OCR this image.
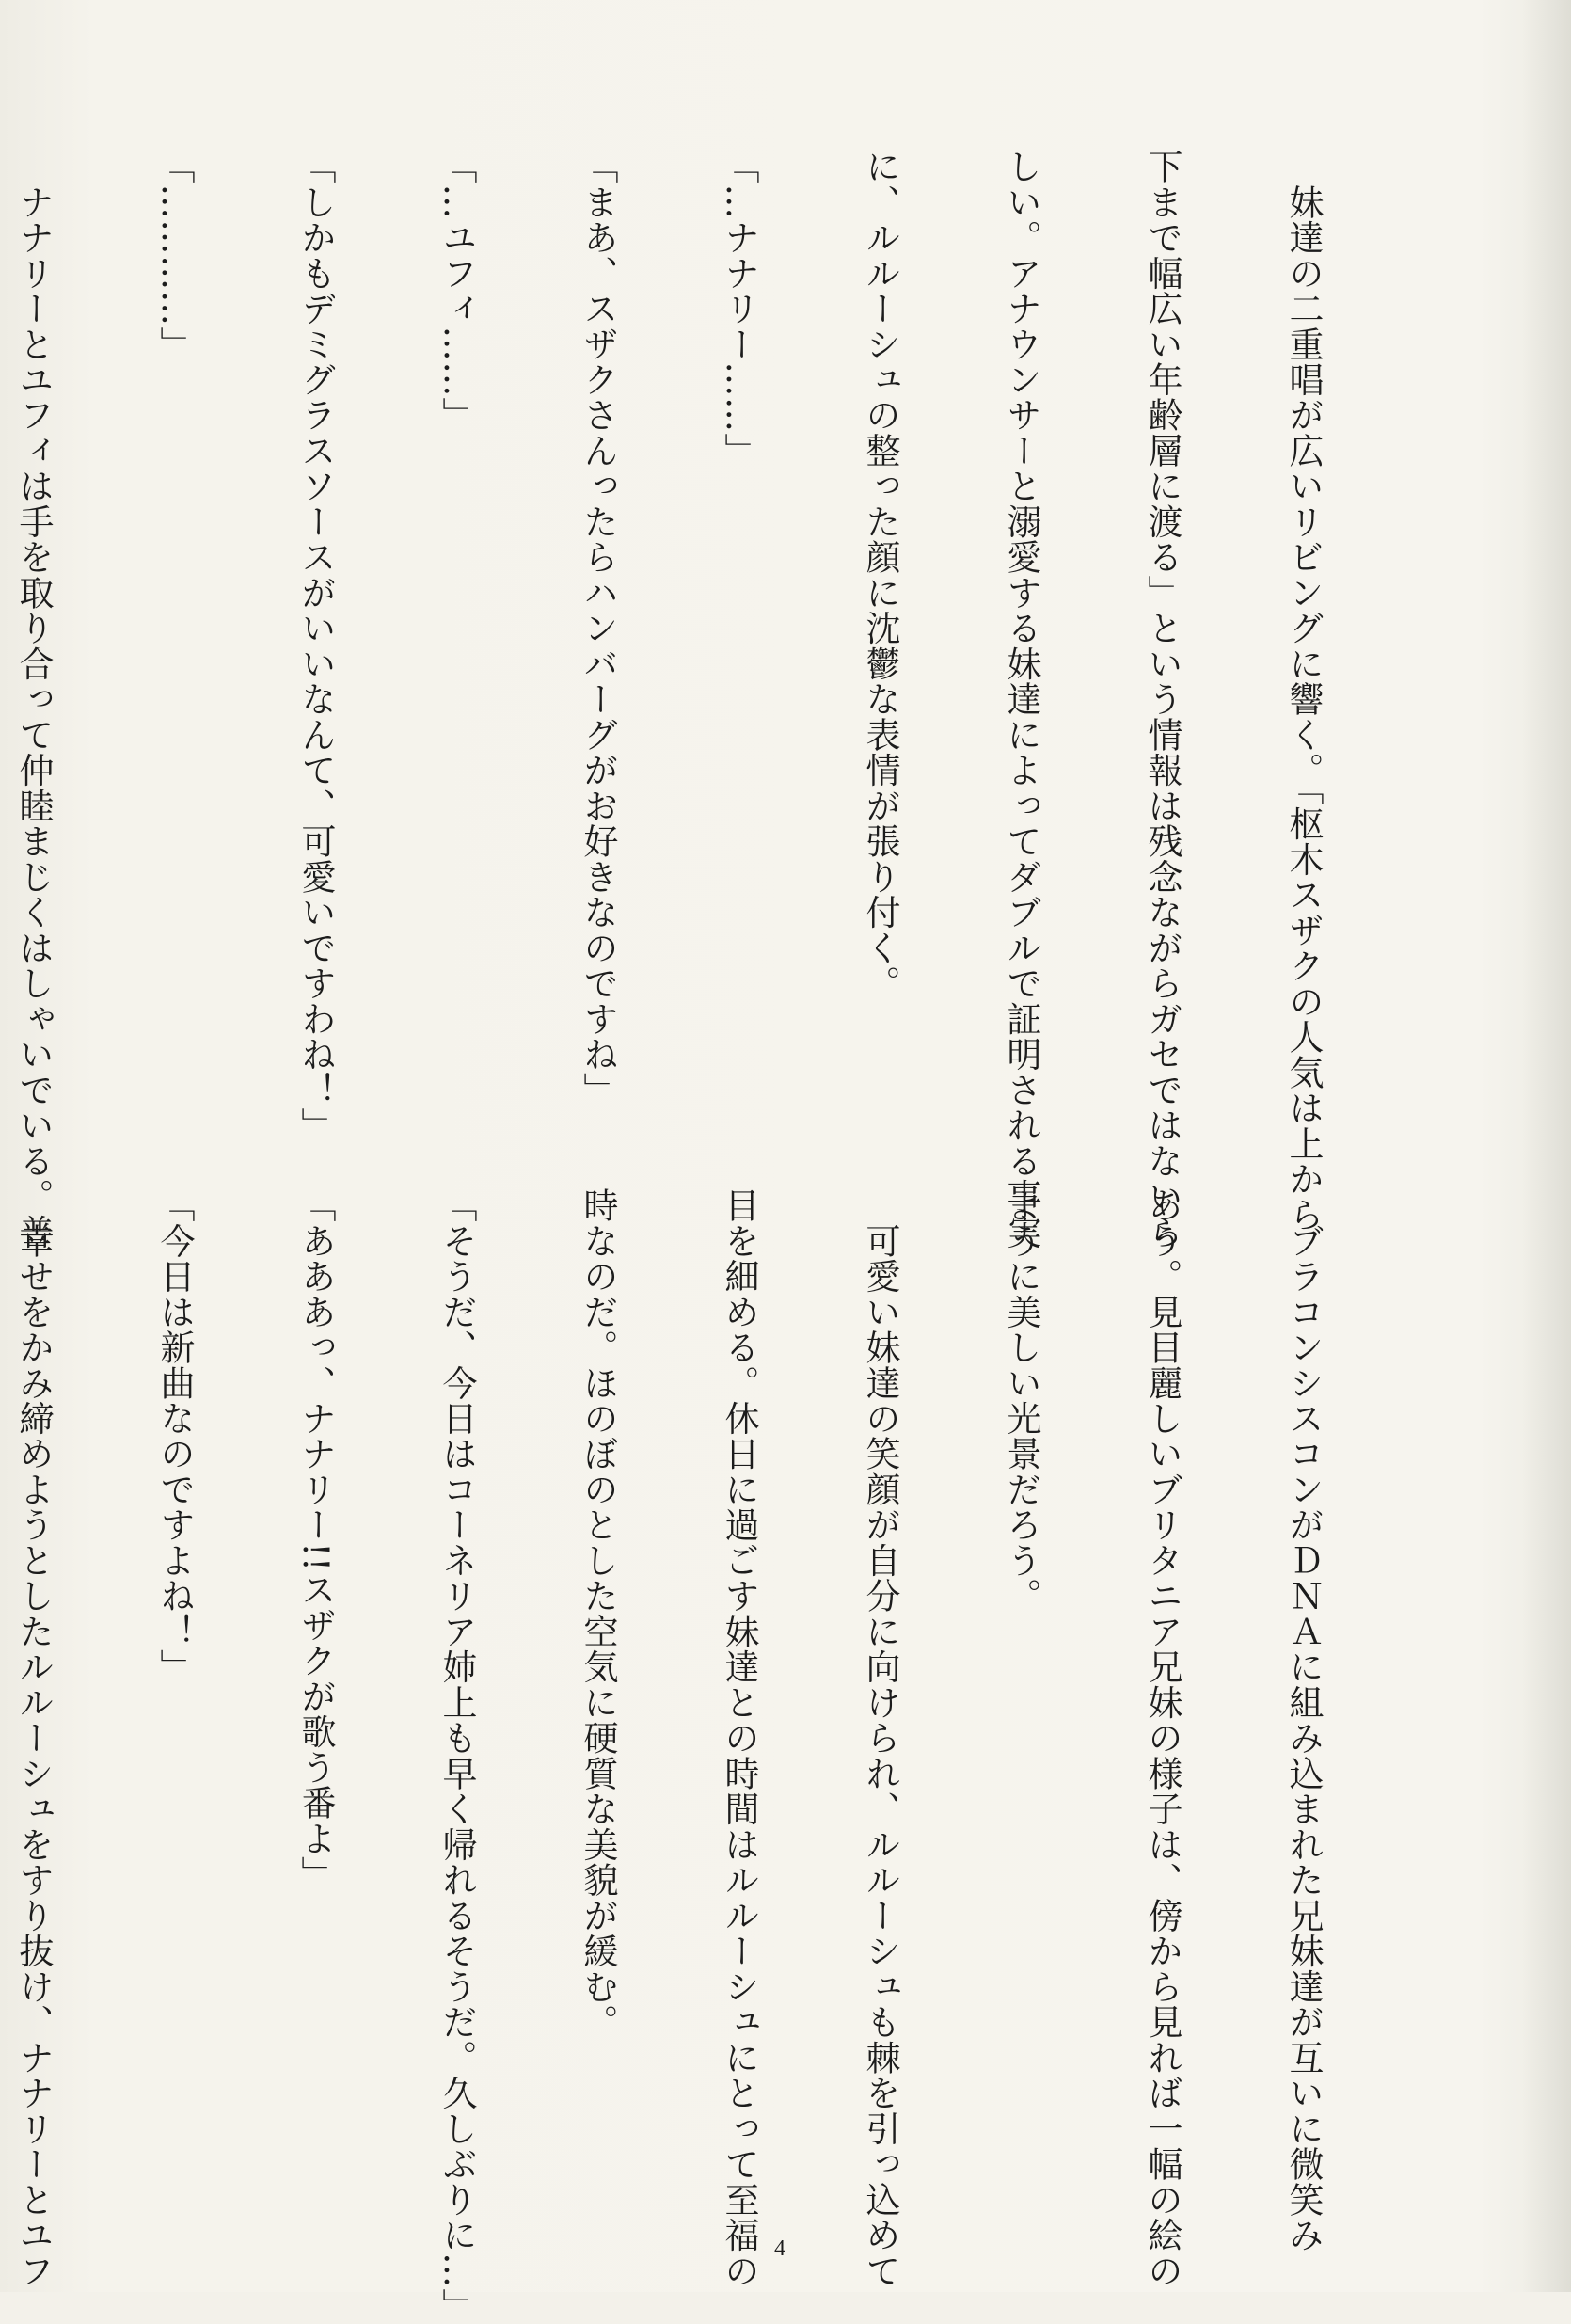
　妹達の二重唱が広いリビングに響く。「枢木スザクの人気は上から

下まで幅広い年齢層に渡る」という情報は残念ながらガセではないら

しい。アナウンサーと溺愛する妹達によってダブルで証明される事実

に、ルルーシュの整った顔に沈鬱な表情が張り付く。

「…ナナリー……」

「まあ、スザクさんったらハンバーグがお好きなのですね」

「…ユフィ……」

「しかもデミグラスソースがいいなんて、可愛いですわね！」

「…………」

　ナナリーとユフィは手を取り合って仲睦まじくはしゃいでいる。普

　ブラコンシスコンがＤＮＡに組み込まれた兄妹達が互いに微笑み

あう。見目麗しいブリタニア兄妹の様子は、傍から見れば一幅の絵の

ように美しい光景だろう。

　可愛い妹達の笑顔が自分に向けられ、ルルーシュも棘を引っ込めて

目を細める。休日に過ごす妹達との時間はルルーシュにとって至福の

時なのだ。ほのぼのとした空気に硬質な美貌が緩む。

「そうだ、今日はコーネリア姉上も早く帰れるそうだ。久しぶりに…」

「あああっ、ナナリー!!スザクが歌う番よ」

「今日は新曲なのですよね！」

　幸せをかみ締めようとしたルルーシュをすり抜け、ナナリーとユフ

	4
